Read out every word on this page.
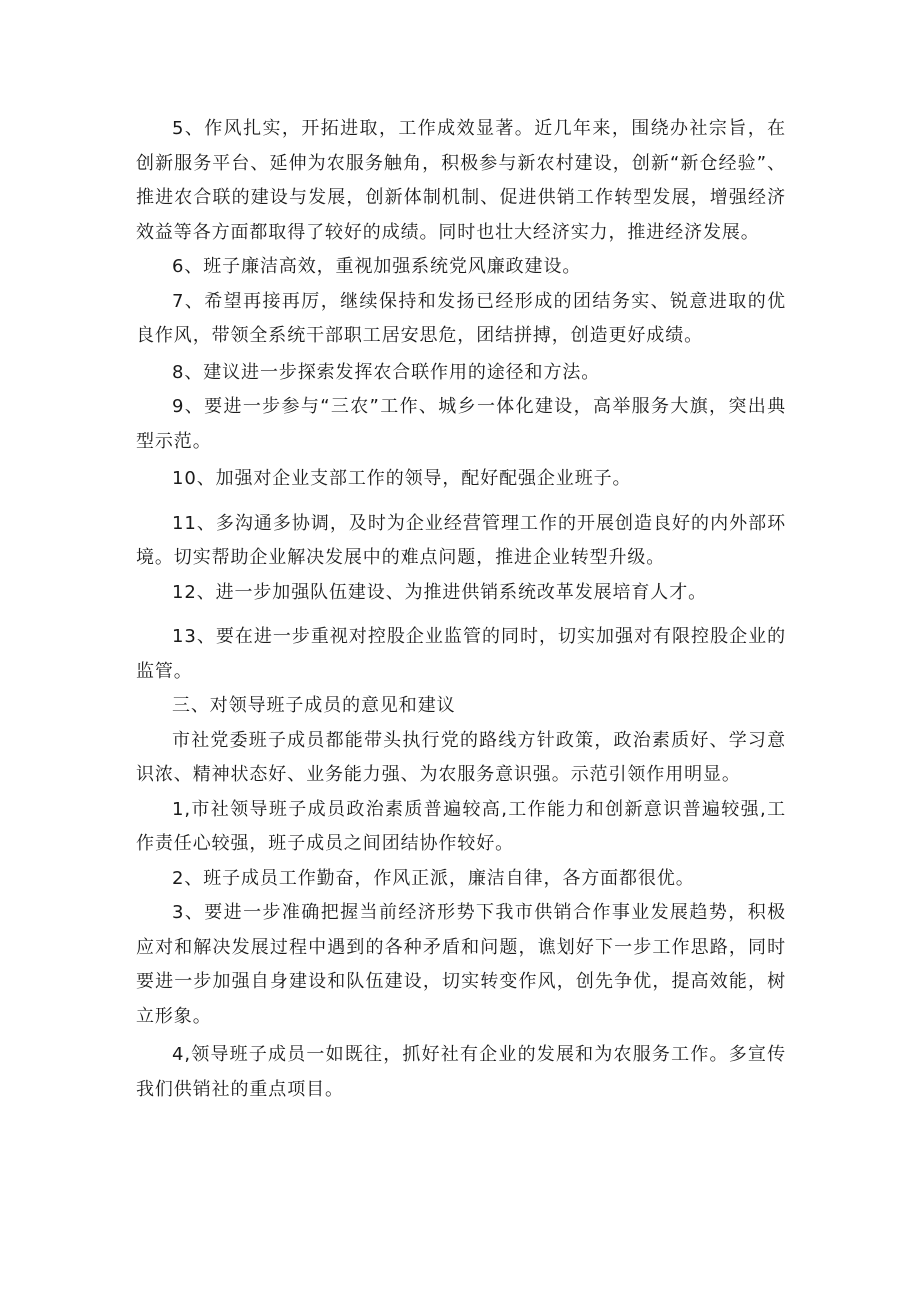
5、作风扎实，开拓进取，工作成效显著。近几年来，围绕办社宗旨，在创新服务平台、延伸为农服务触角，积极参与新农村建设，创新“新仓经验”、推进农合联的建设与发展，创新体制机制、促进供销工作转型发展，增强经济效益等各方面都取得了较好的成绩。同时也壮大经济实力，推进经济发展。

6、班子廉洁高效，重视加强系统党风廉政建设。

7、希望再接再厉，继续保持和发扬已经形成的团结务实、锐意进取的优良作风，带领全系统干部职工居安思危，团结拼搏，创造更好成绩。

8、建议进一步探索发挥农合联作用的途径和方法。

9、要进一步参与“三农”工作、城乡一体化建设，高举服务大旗，突出典型示范。

10、加强对企业支部工作的领导，配好配强企业班子。

11、多沟通多协调，及时为企业经营管理工作的开展创造良好的内外部环境。切实帮助企业解决发展中的难点问题，推进企业转型升级。

12、进一步加强队伍建设、为推进供销系统改革发展培育人才。

13、要在进一步重视对控股企业监管的同时，切实加强对有限控股企业的监管。

三、对领导班子成员的意见和建议

市社党委班子成员都能带头执行党的路线方针政策，政治素质好、学习意识浓、精神状态好、业务能力强、为农服务意识强。示范引领作用明显。

1,市社领导班子成员政治素质普遍较高,工作能力和创新意识普遍较强,工作责任心较强，班子成员之间团结协作较好。

2、班子成员工作勤奋，作风正派，廉洁自律，各方面都很优。

3、要进一步准确把握当前经济形势下我市供销合作事业发展趋势，积极应对和解决发展过程中遇到的各种矛盾和问题，谯划好下一步工作思路，同时要进一步加强自身建设和队伍建设，切实转变作风，创先争优，提高效能，树立形象。

4,领导班子成员一如既往，抓好社有企业的发展和为农服务工作。多宣传我们供销社的重点项目。
